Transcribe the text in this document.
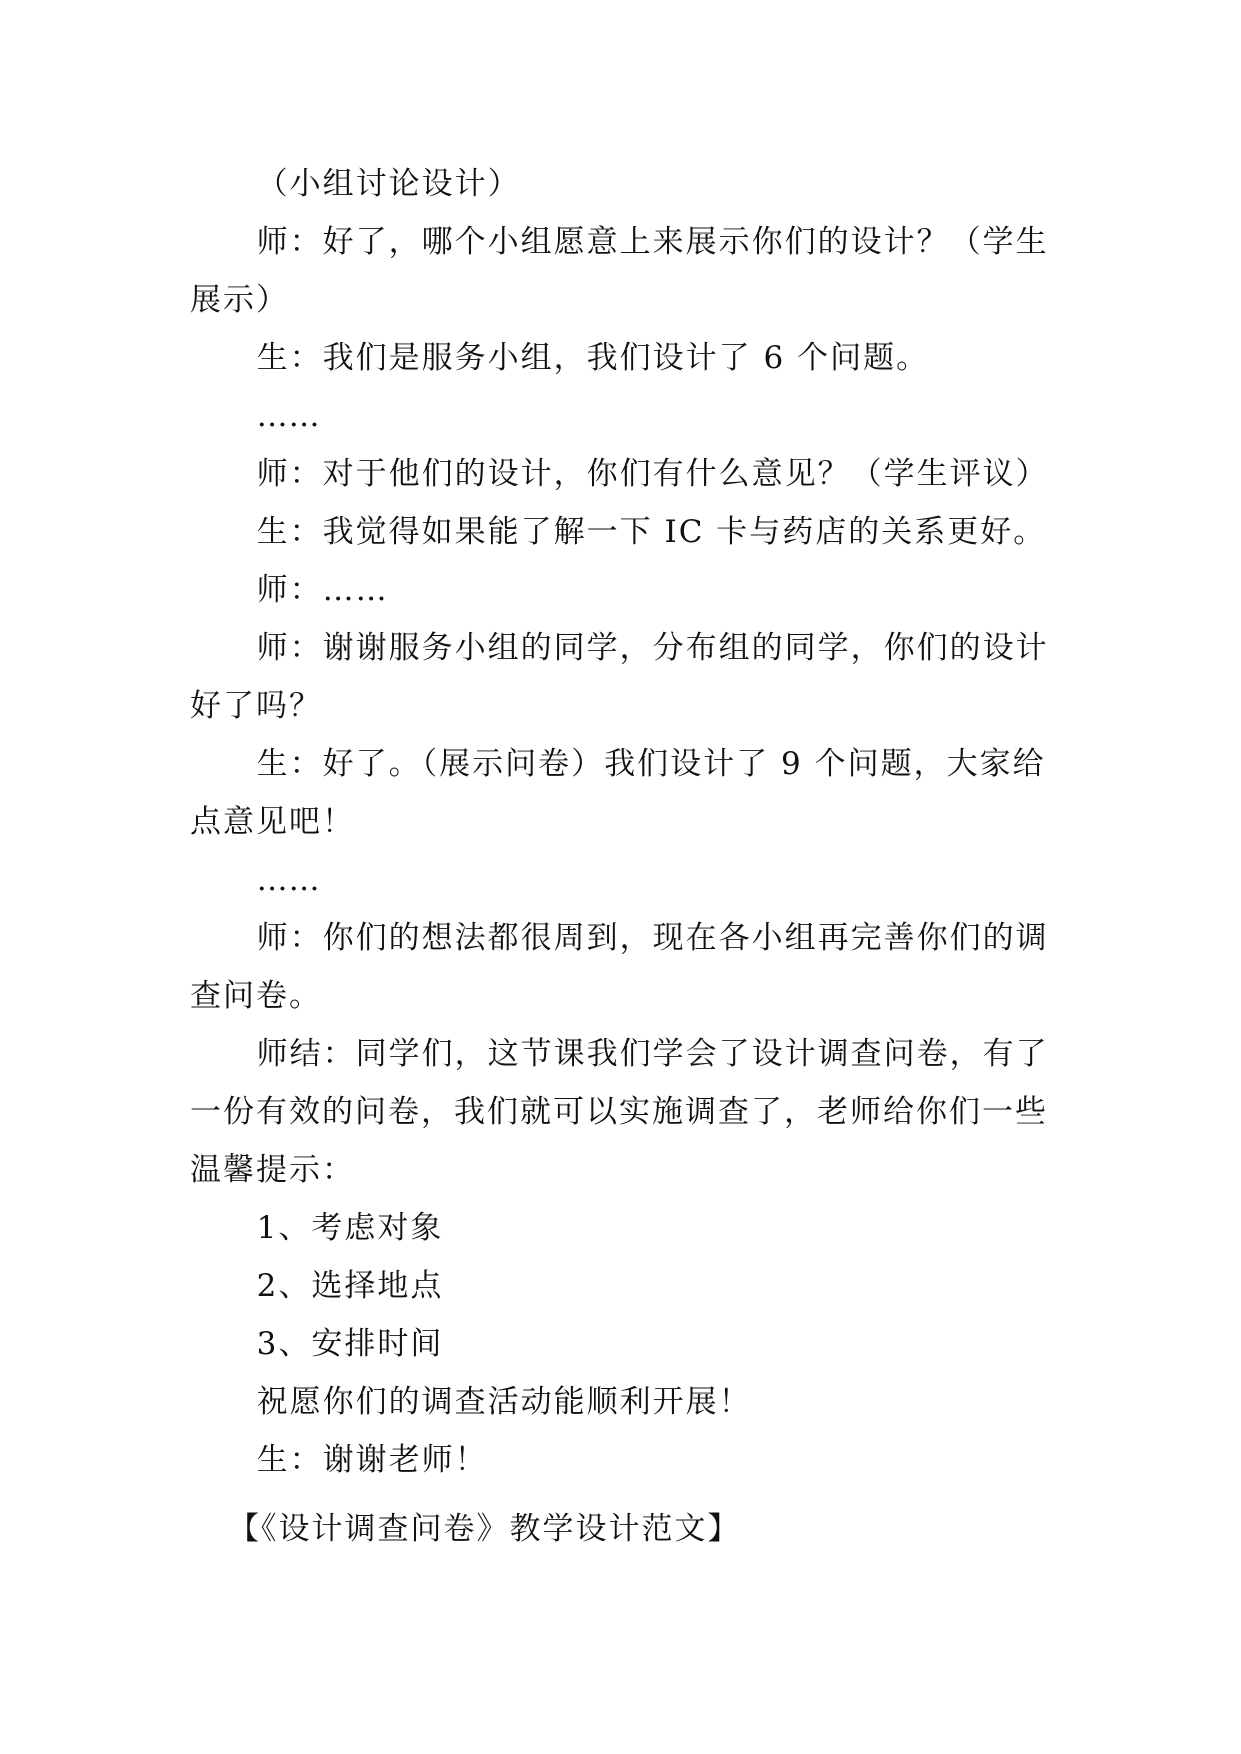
（小组讨论设计）

师：好了，哪个小组愿意上来展示你们的设计？（学生展示）

生：我们是服务小组，我们设计了 6 个问题。

……

师：对于他们的设计，你们有什么意见？（学生评议）

生：我觉得如果能了解一下 IC 卡与药店的关系更好。

师：……

师：谢谢服务小组的同学，分布组的同学，你们的设计好了吗？

生：好了。（展示问卷）我们设计了 9 个问题，大家给点意见吧！

……

师：你们的想法都很周到，现在各小组再完善你们的调查问卷。

师结：同学们，这节课我们学会了设计调查问卷，有了一份有效的问卷，我们就可以实施调查了，老师给你们一些温馨提示：

1、考虑对象

2、选择地点

3、安排时间

祝愿你们的调查活动能顺利开展！

生：谢谢老师！

【《设计调查问卷》教学设计范文】
